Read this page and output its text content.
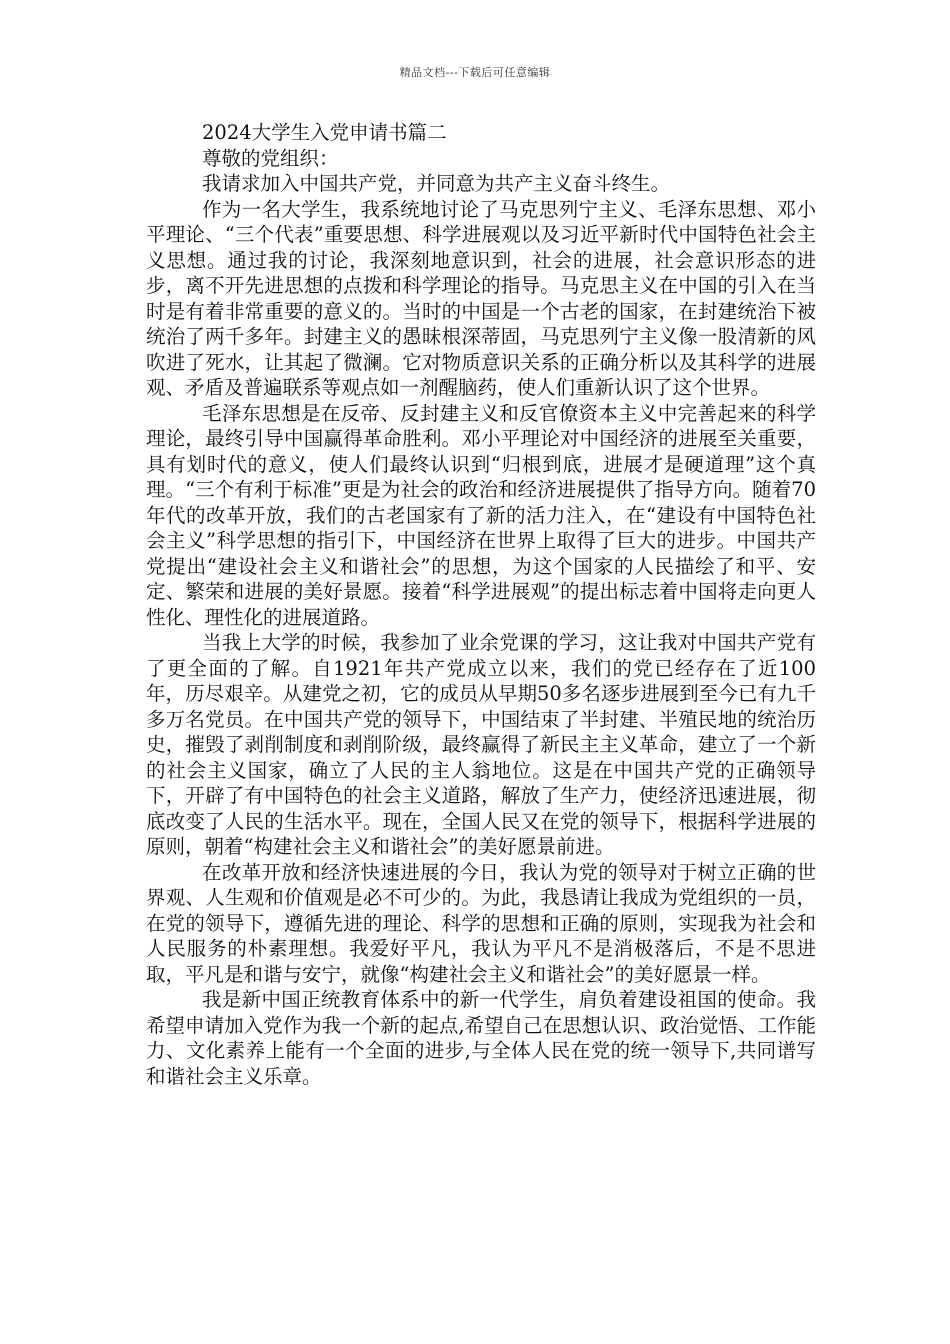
精品文档---下载后可任意编辑
2024大学生入党申请书篇二

尊敬的党组织：

我请求加入中国共产党，并同意为共产主义奋斗终生。

作为一名大学生，我系统地讨论了马克思列宁主义、毛泽东思想、邓小平理论、“三个代表”重要思想、科学进展观以及习近平新时代中国特色社会主义思想。通过我的讨论，我深刻地意识到，社会的进展，社会意识形态的进步，离不开先进思想的点拨和科学理论的指导。马克思主义在中国的引入在当时是有着非常重要的意义的。当时的中国是一个古老的国家，在封建统治下被统治了两千多年。封建主义的愚昧根深蒂固，马克思列宁主义像一股清新的风吹进了死水，让其起了微澜。它对物质意识关系的正确分析以及其科学的进展观、矛盾及普遍联系等观点如一剂醒脑药，使人们重新认识了这个世界。

毛泽东思想是在反帝、反封建主义和反官僚资本主义中完善起来的科学理论，最终引导中国赢得革命胜利。邓小平理论对中国经济的进展至关重要，具有划时代的意义，使人们最终认识到“归根到底，进展才是硬道理”这个真理。“三个有利于标准”更是为社会的政治和经济进展提供了指导方向。随着70年代的改革开放，我们的古老国家有了新的活力注入，在“建设有中国特色社会主义”科学思想的指引下，中国经济在世界上取得了巨大的进步。中国共产党提出“建设社会主义和谐社会”的思想，为这个国家的人民描绘了和平、安定、繁荣和进展的美好景愿。接着“科学进展观”的提出标志着中国将走向更人性化、理性化的进展道路。

当我上大学的时候，我参加了业余党课的学习，这让我对中国共产党有了更全面的了解。自1921年共产党成立以来，我们的党已经存在了近100年，历尽艰辛。从建党之初，它的成员从早期50多名逐步进展到至今已有九千多万名党员。在中国共产党的领导下，中国结束了半封建、半殖民地的统治历史，摧毁了剥削制度和剥削阶级，最终赢得了新民主主义革命，建立了一个新的社会主义国家，确立了人民的主人翁地位。这是在中国共产党的正确领导下，开辟了有中国特色的社会主义道路，解放了生产力，使经济迅速进展，彻底改变了人民的生活水平。现在，全国人民又在党的领导下，根据科学进展的原则，朝着“构建社会主义和谐社会”的美好愿景前进。

在改革开放和经济快速进展的今日，我认为党的领导对于树立正确的世界观、人生观和价值观是必不可少的。为此，我恳请让我成为党组织的一员，在党的领导下，遵循先进的理论、科学的思想和正确的原则，实现我为社会和人民服务的朴素理想。我爱好平凡，我认为平凡不是消极落后，不是不思进取，平凡是和谐与安宁，就像“构建社会主义和谐社会”的美好愿景一样。

我是新中国正统教育体系中的新一代学生，肩负着建设祖国的使命。我希望申请加入党作为我一个新的起点,希望自己在思想认识、政治觉悟、工作能力、文化素养上能有一个全面的进步,与全体人民在党的统一领导下,共同谱写和谐社会主义乐章。
